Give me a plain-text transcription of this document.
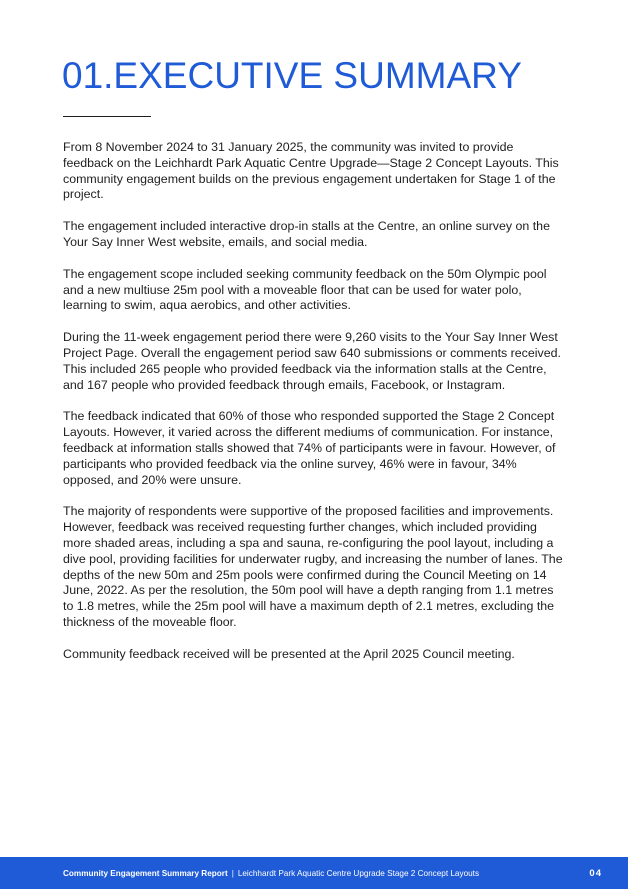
01.EXECUTIVE SUMMARY

From 8 November 2024 to 31 January 2025, the community was invited to provide feedback on the Leichhardt Park Aquatic Centre Upgrade—Stage 2 Concept Layouts. This community engagement builds on the previous engagement undertaken for Stage 1 of the project.

The engagement included interactive drop-in stalls at the Centre, an online survey on the Your Say Inner West website, emails, and social media.

The engagement scope included seeking community feedback on the 50m Olympic pool and a new multiuse 25m pool with a moveable floor that can be used for water polo, learning to swim, aqua aerobics, and other activities.

During the 11-week engagement period there were 9,260 visits to the Your Say Inner West Project Page. Overall the engagement period saw 640 submissions or comments received. This included 265 people who provided feedback via the information stalls at the Centre, and 167 people who provided feedback through emails, Facebook, or Instagram.

The feedback indicated that 60% of those who responded supported the Stage 2 Concept Layouts. However, it varied across the different mediums of communication. For instance, feedback at information stalls showed that 74% of participants were in favour. However, of participants who provided feedback via the online survey, 46% were in favour, 34% opposed, and 20% were unsure.

The majority of respondents were supportive of the proposed facilities and improvements. However, feedback was received requesting further changes, which included providing more shaded areas, including a spa and sauna, re-configuring the pool layout, including a dive pool, providing facilities for underwater rugby, and increasing the number of lanes. The depths of the new 50m and 25m pools were confirmed during the Council Meeting on 14 June, 2022. As per the resolution, the 50m pool will have a depth ranging from 1.1 metres to 1.8 metres, while the 25m pool will have a maximum depth of 2.1 metres, excluding the thickness of the moveable floor.

Community feedback received will be presented at the April 2025 Council meeting.

Community Engagement Summary Report | Leichhardt Park Aquatic Centre Upgrade Stage 2 Concept Layouts	04
